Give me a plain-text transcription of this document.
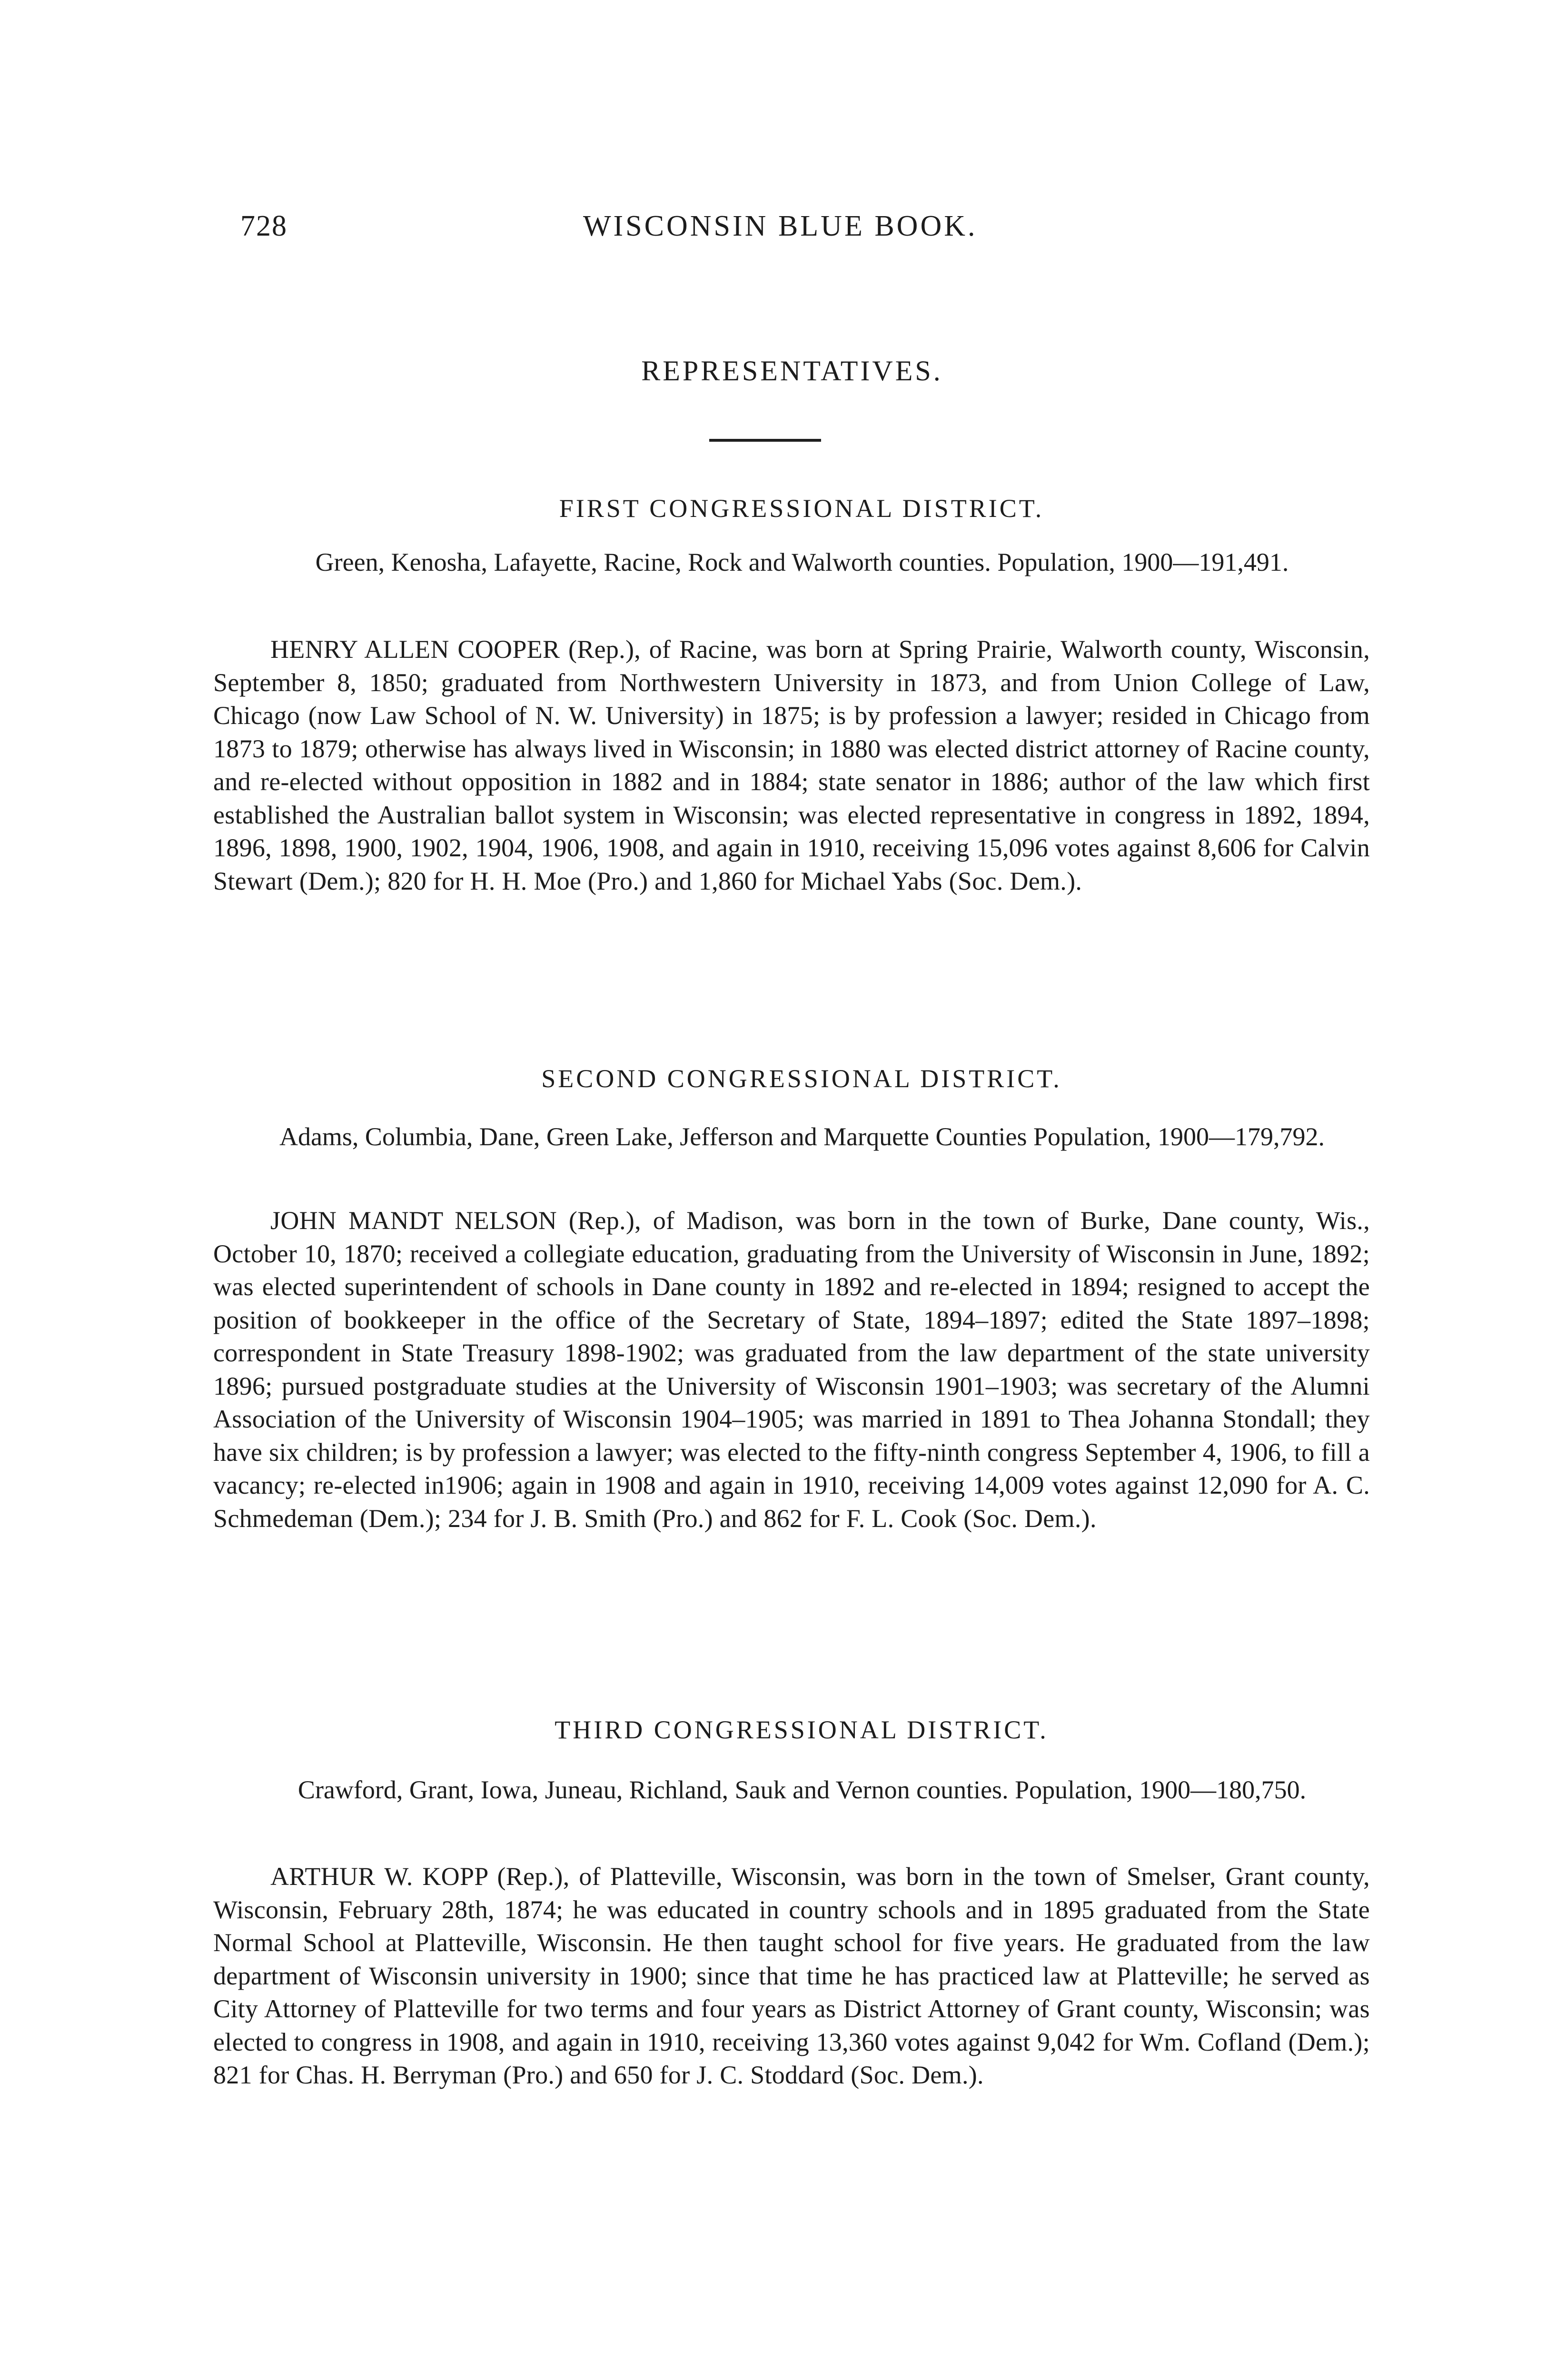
728	WISCONSIN BLUE BOOK.
REPRESENTATIVES.
FIRST CONGRESSIONAL DISTRICT.
Green, Kenosha, Lafayette, Racine, Rock and Walworth counties. Population, 1900—191,491.
HENRY ALLEN COOPER (Rep.), of Racine, was born at Spring Prairie, Walworth county, Wisconsin, September 8, 1850; graduated from Northwestern University in 1873, and from Union College of Law, Chicago (now Law School of N. W. University) in 1875; is by profession a lawyer; resided in Chicago from 1873 to 1879; otherwise has always lived in Wisconsin; in 1880 was elected district attorney of Racine county, and re-elected without opposition in 1882 and in 1884; state senator in 1886; author of the law which first established the Australian ballot system in Wisconsin; was elected representative in congress in 1892, 1894, 1896, 1898, 1900, 1902, 1904, 1906, 1908, and again in 1910, receiving 15,096 votes against 8,606 for Calvin Stewart (Dem.); 820 for H. H. Moe (Pro.) and 1,860 for Michael Yabs (Soc. Dem.).
SECOND CONGRESSIONAL DISTRICT.
Adams, Columbia, Dane, Green Lake, Jefferson and Marquette Counties Population, 1900—179,792.
JOHN MANDT NELSON (Rep.), of Madison, was born in the town of Burke, Dane county, Wis., October 10, 1870; received a collegiate education, graduating from the University of Wisconsin in June, 1892; was elected superintendent of schools in Dane county in 1892 and re-elected in 1894; resigned to accept the position of bookkeeper in the office of the Secretary of State, 1894–1897; edited the State 1897–1898; correspondent in State Treasury 1898-1902; was graduated from the law department of the state university 1896; pursued postgraduate studies at the University of Wisconsin 1901–1903; was secretary of the Alumni Association of the University of Wisconsin 1904–1905; was married in 1891 to Thea Johanna Stondall; they have six children; is by profession a lawyer; was elected to the fifty-ninth congress September 4, 1906, to fill a vacancy; re-elected in1906; again in 1908 and again in 1910, receiving 14,009 votes against 12,090 for A. C. Schmedeman (Dem.); 234 for J. B. Smith (Pro.) and 862 for F. L. Cook (Soc. Dem.).
THIRD CONGRESSIONAL DISTRICT.
Crawford, Grant, Iowa, Juneau, Richland, Sauk and Vernon counties. Population, 1900—180,750.
ARTHUR W. KOPP (Rep.), of Platteville, Wisconsin, was born in the town of Smelser, Grant county, Wisconsin, February 28th, 1874; he was educated in country schools and in 1895 graduated from the State Normal School at Platteville, Wisconsin. He then taught school for five years. He graduated from the law department of Wisconsin university in 1900; since that time he has practiced law at Platteville; he served as City Attorney of Platteville for two terms and four years as District Attorney of Grant county, Wisconsin; was elected to congress in 1908, and again in 1910, receiving 13,360 votes against 9,042 for Wm. Cofland (Dem.); 821 for Chas. H. Berryman (Pro.) and 650 for J. C. Stoddard (Soc. Dem.).
